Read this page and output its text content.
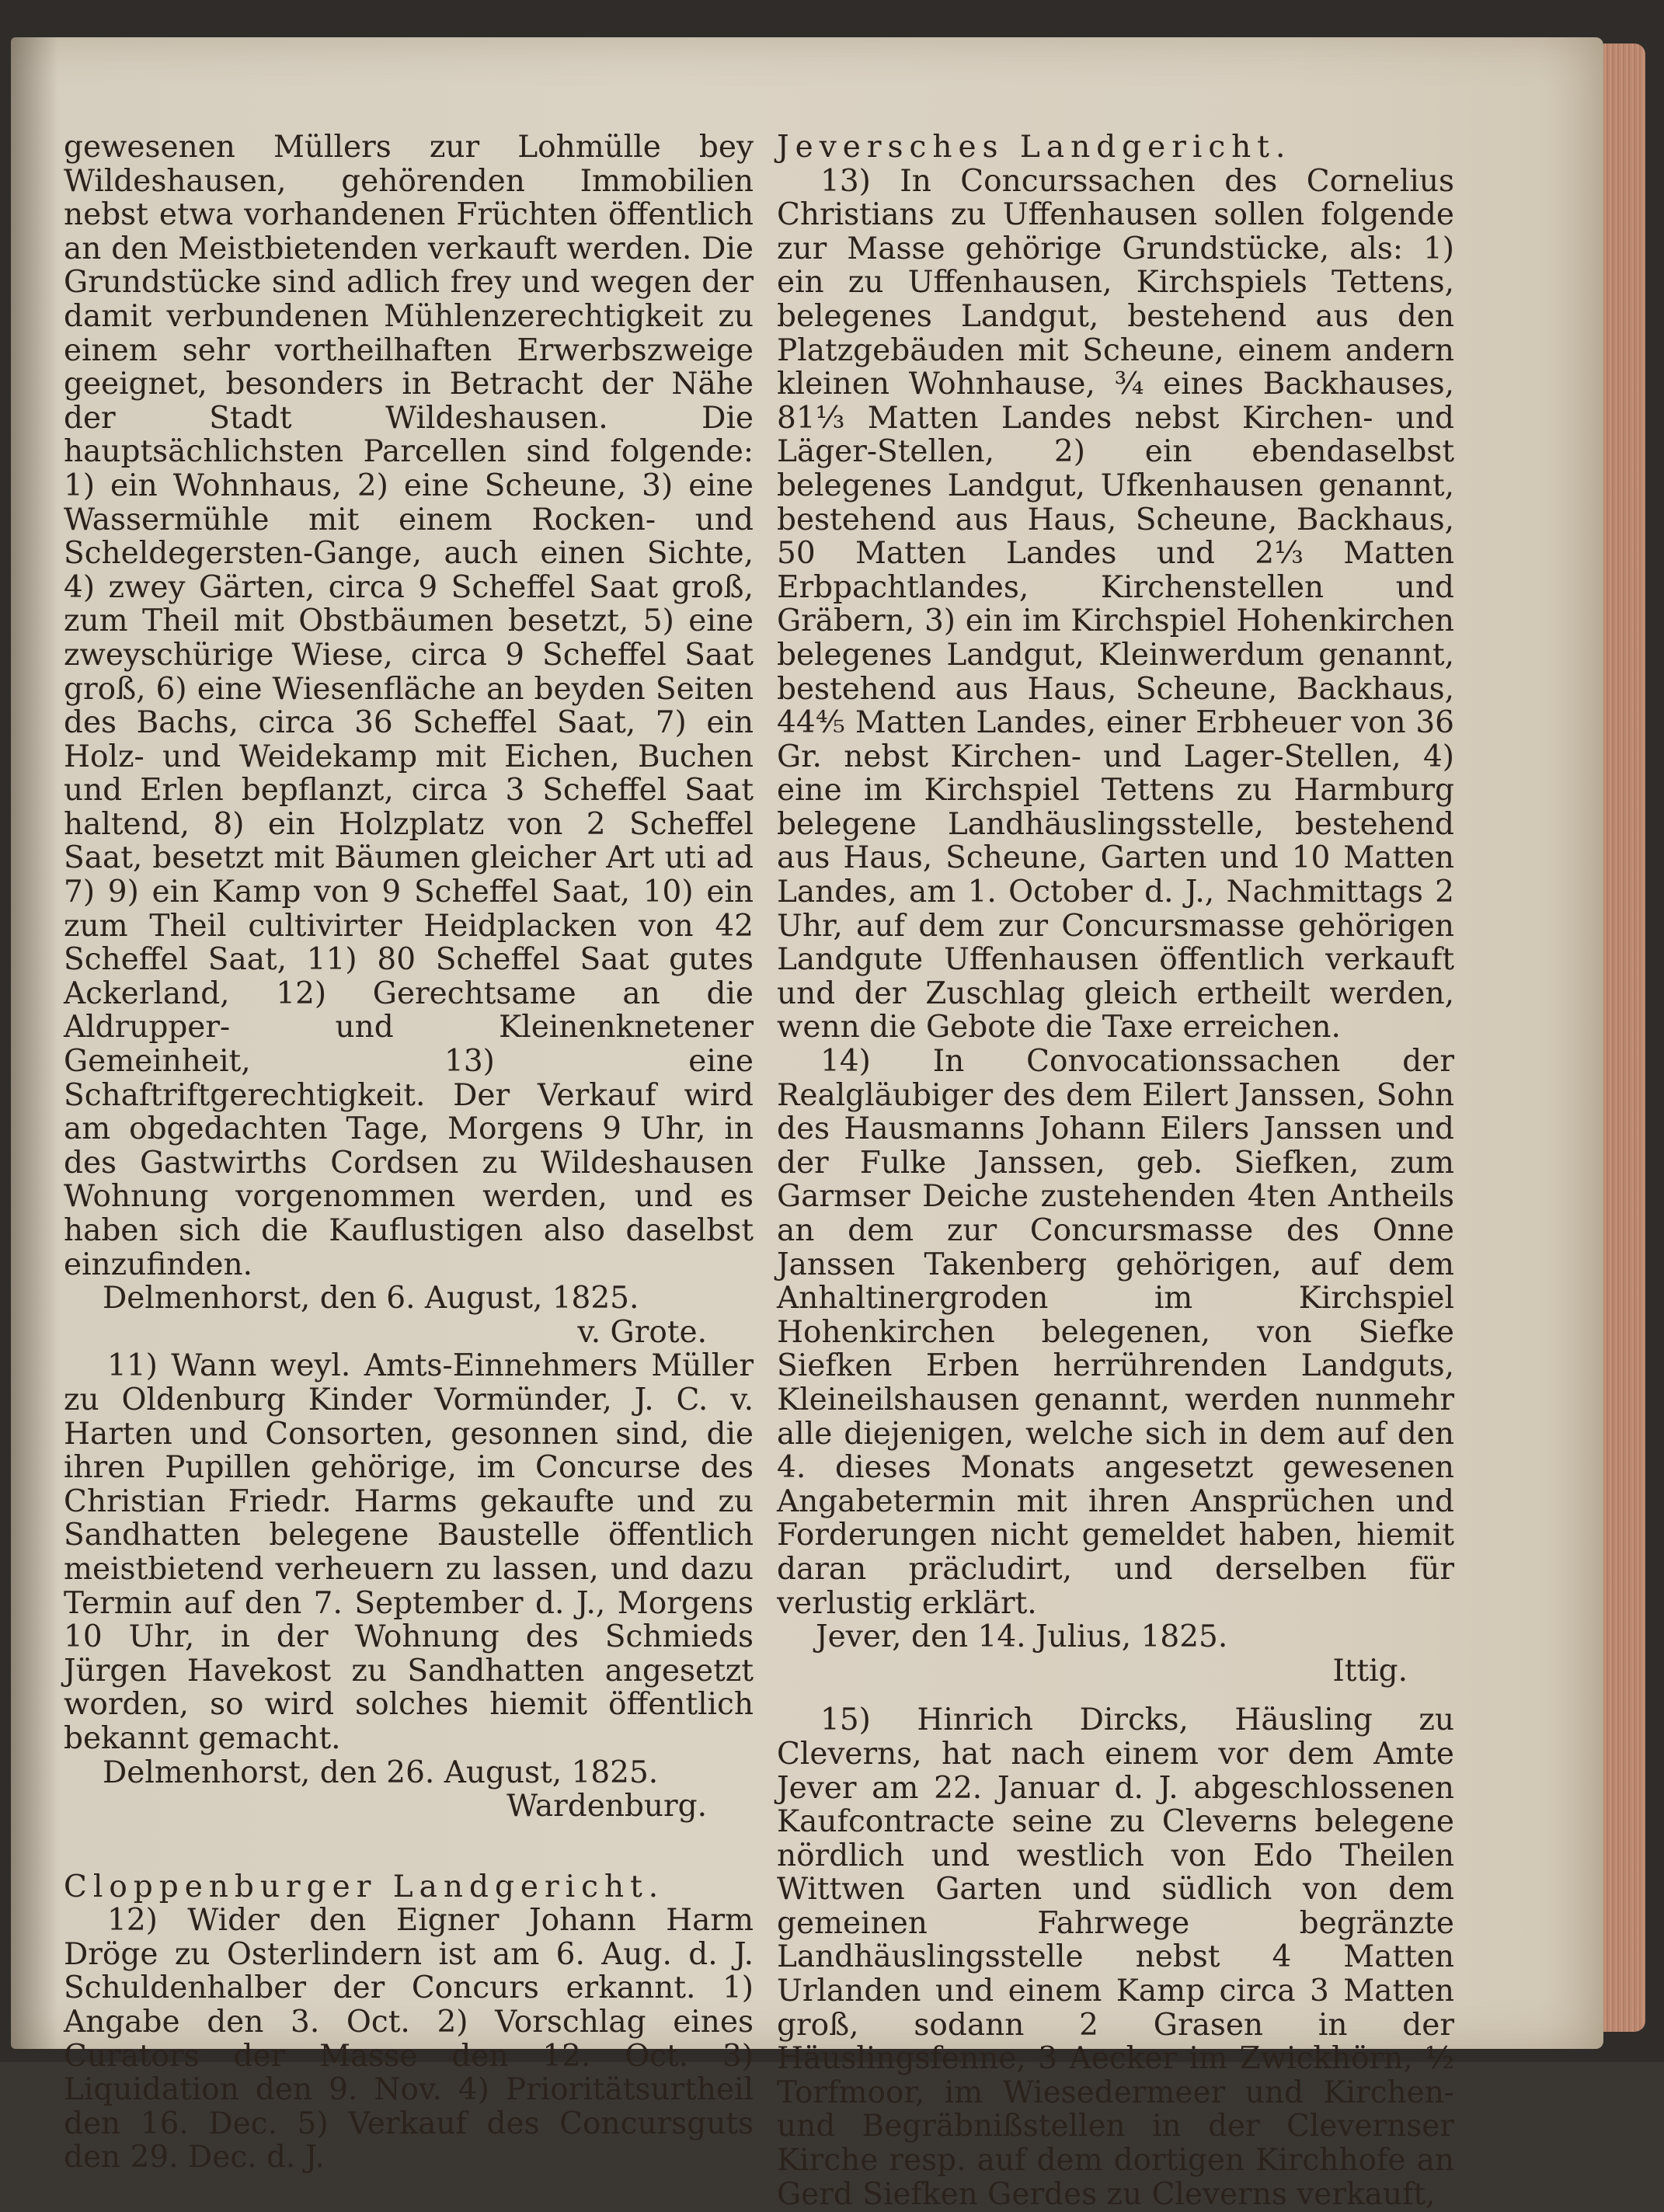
gewesenen Müllers zur Lohmülle bey Wildeshausen, gehörenden Immobilien nebst etwa vorhandenen Früchten öffentlich an den Meistbietenden verkauft werden. Die Grundstücke sind adlich frey und wegen der damit verbundenen Mühlenzerechtigkeit zu einem sehr vortheilhaften Erwerbszweige geeignet, besonders in Betracht der Nähe der Stadt Wildeshausen. Die hauptsächlichsten Parcellen sind folgende: 1) ein Wohnhaus, 2) eine Scheune, 3) eine Wassermühle mit einem Rocken- und Scheldegersten-Gange, auch einen Sichte, 4) zwey Gärten, circa 9 Scheffel Saat groß, zum Theil mit Obstbäumen besetzt, 5) eine zweyschürige Wiese, circa 9 Scheffel Saat groß, 6) eine Wiesenfläche an beyden Seiten des Bachs, circa 36 Scheffel Saat, 7) ein Holz- und Weidekamp mit Eichen, Buchen und Erlen bepflanzt, circa 3 Scheffel Saat haltend, 8) ein Holzplatz von 2 Scheffel Saat, besetzt mit Bäumen gleicher Art uti ad 7) 9) ein Kamp von 9 Scheffel Saat, 10) ein zum Theil cultivirter Heidplacken von 42 Scheffel Saat, 11) 80 Scheffel Saat gutes Ackerland, 12) Gerechtsame an die Aldrupper- und Kleinenknetener Gemeinheit, 13) eine Schaftriftgerechtigkeit. Der Verkauf wird am obgedachten Tage, Morgens 9 Uhr, in des Gastwirths Cordsen zu Wildeshausen Wohnung vorgenommen werden, und es haben sich die Kauflustigen also daselbst einzufinden.

Delmenhorst, den 6. August, 1825.

v. Grote.

11) Wann weyl. Amts-Einnehmers Müller zu Oldenburg Kinder Vormünder, J. C. v. Harten und Consorten, gesonnen sind, die ihren Pupillen gehörige, im Concurse des Christian Friedr. Harms gekaufte und zu Sandhatten belegene Baustelle öffentlich meistbietend verheuern zu lassen, und dazu Termin auf den 7. September d. J., Morgens 10 Uhr, in der Wohnung des Schmieds Jürgen Havekost zu Sandhatten angesetzt worden, so wird solches hiemit öffentlich bekannt gemacht.

Delmenhorst, den 26. August, 1825.

Wardenburg.

Cloppenburger Landgericht.

12) Wider den Eigner Johann Harm Dröge zu Osterlindern ist am 6. Aug. d. J. Schuldenhalber der Concurs erkannt. 1) Angabe den 3. Oct. 2) Vorschlag eines Curators der Masse den 12. Oct. 3) Liquidation den 9. Nov. 4) Prioritätsurtheil den 16. Dec. 5) Verkauf des Concursguts den 29. Dec. d. J.

Jeversches Landgericht.

13) In Concurssachen des Cornelius Christians zu Uffenhausen sollen folgende zur Masse gehörige Grundstücke, als: 1) ein zu Uffenhausen, Kirchspiels Tettens, belegenes Landgut, bestehend aus den Platzgebäuden mit Scheune, einem andern kleinen Wohnhause, ¾ eines Backhauses, 81⅓ Matten Landes nebst Kirchen- und Läger-Stellen, 2) ein ebendaselbst belegenes Landgut, Ufkenhausen genannt, bestehend aus Haus, Scheune, Backhaus, 50 Matten Landes und 2⅓ Matten Erbpachtlandes, Kirchenstellen und Gräbern, 3) ein im Kirchspiel Hohenkirchen belegenes Landgut, Kleinwerdum genannt, bestehend aus Haus, Scheune, Backhaus, 44⅘ Matten Landes, einer Erbheuer von 36 Gr. nebst Kirchen- und Lager-Stellen, 4) eine im Kirchspiel Tettens zu Harmburg belegene Landhäuslingsstelle, bestehend aus Haus, Scheune, Garten und 10 Matten Landes, am 1. October d. J., Nachmittags 2 Uhr, auf dem zur Concursmasse gehörigen Landgute Uffenhausen öffentlich verkauft und der Zuschlag gleich ertheilt werden, wenn die Gebote die Taxe erreichen.

14) In Convocationssachen der Realgläubiger des dem Eilert Janssen, Sohn des Hausmanns Johann Eilers Janssen und der Fulke Janssen, geb. Siefken, zum Garmser Deiche zustehenden 4ten Antheils an dem zur Concursmasse des Onne Janssen Takenberg gehörigen, auf dem Anhaltinergroden im Kirchspiel Hohenkirchen belegenen, von Siefke Siefken Erben herrührenden Landguts, Kleineilshausen genannt, werden nunmehr alle diejenigen, welche sich in dem auf den 4. dieses Monats angesetzt gewesenen Angabetermin mit ihren Ansprüchen und Forderungen nicht gemeldet haben, hiemit daran präcludirt, und derselben für verlustig erklärt.

Jever, den 14. Julius, 1825.

Ittig.

15) Hinrich Dircks, Häusling zu Cleverns, hat nach einem vor dem Amte Jever am 22. Januar d. J. abgeschlossenen Kaufcontracte seine zu Cleverns belegene nördlich und westlich von Edo Theilen Wittwen Garten und südlich von dem gemeinen Fahrwege begränzte Landhäuslingsstelle nebst 4 Matten Urlanden und einem Kamp circa 3 Matten groß, sodann 2 Grasen in der Häuslingsfenne, 3 Aecker im Zwickhörn, ½ Torfmoor, im Wiesedermeer und Kirchen- und Begräbnißstellen in der Clevernser Kirche resp. auf dem dortigen Kirchhofe an Gerd Siefken Gerdes zu Cleverns verkauft,
